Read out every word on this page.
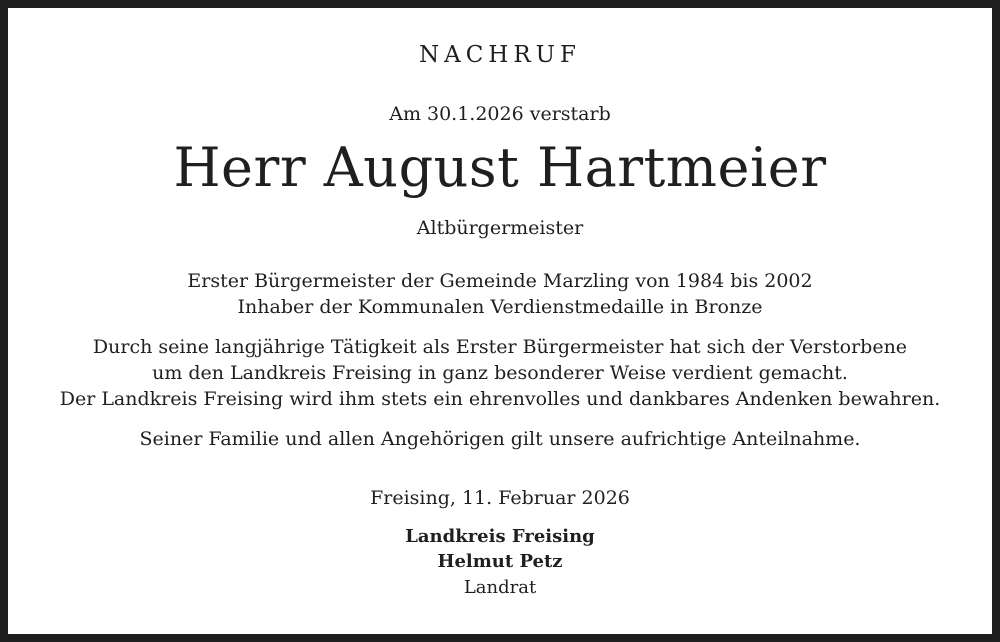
NACHRUF
Am 30.1.2026 verstarb
Herr August Hartmeier
Altbürgermeister
Erster Bürgermeister der Gemeinde Marzling von 1984 bis 2002
Inhaber der Kommunalen Verdienstmedaille in Bronze
Durch seine langjährige Tätigkeit als Erster Bürgermeister hat sich der Verstorbene
um den Landkreis Freising in ganz besonderer Weise verdient gemacht.
Der Landkreis Freising wird ihm stets ein ehrenvolles und dankbares Andenken bewahren.
Seiner Familie und allen Angehörigen gilt unsere aufrichtige Anteilnahme.
Freising, 11. Februar 2026
Landkreis Freising
Helmut Petz
Landrat
